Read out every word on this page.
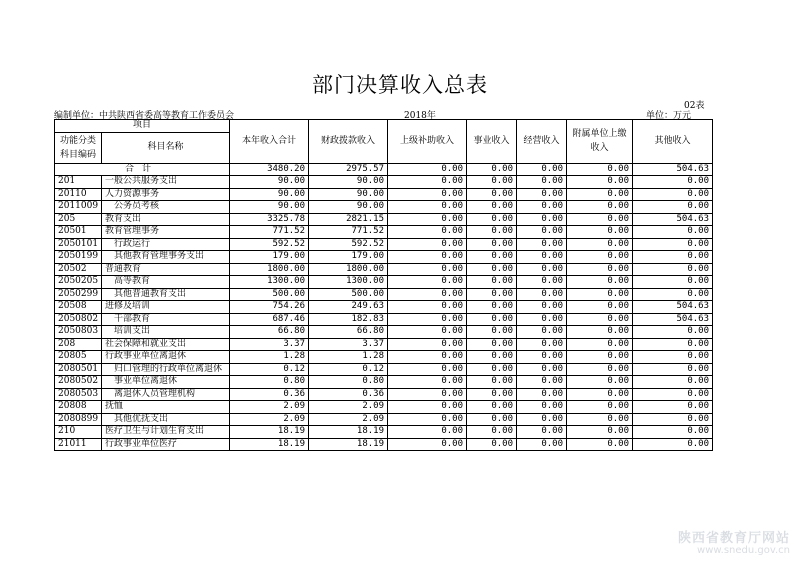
部门决算收入总表
02表
编制单位：中共陕西省委高等教育工作委员会	2018年	单位：万元
项目		本年收入合计	财政拨款收入	上级补助收入	事业收入	经营收入	附属单位上缴收入	其他收入
功能分类科目编码	科目名称							
合计		3480.20	2975.57	0.00	0.00	0.00	0.00	504.63
201	一般公共服务支出	90.00	90.00	0.00	0.00	0.00	0.00	0.00
20110	人力资源事务	90.00	90.00	0.00	0.00	0.00	0.00	0.00
2011009	公务员考核	90.00	90.00	0.00	0.00	0.00	0.00	0.00
205	教育支出	3325.78	2821.15	0.00	0.00	0.00	0.00	504.63
20501	教育管理事务	771.52	771.52	0.00	0.00	0.00	0.00	0.00
2050101	行政运行	592.52	592.52	0.00	0.00	0.00	0.00	0.00
2050199	其他教育管理事务支出	179.00	179.00	0.00	0.00	0.00	0.00	0.00
20502	普通教育	1800.00	1800.00	0.00	0.00	0.00	0.00	0.00
2050205	高等教育	1300.00	1300.00	0.00	0.00	0.00	0.00	0.00
2050299	其他普通教育支出	500.00	500.00	0.00	0.00	0.00	0.00	0.00
20508	进修及培训	754.26	249.63	0.00	0.00	0.00	0.00	504.63
2050802	干部教育	687.46	182.83	0.00	0.00	0.00	0.00	504.63
2050803	培训支出	66.80	66.80	0.00	0.00	0.00	0.00	0.00
208	社会保障和就业支出	3.37	3.37	0.00	0.00	0.00	0.00	0.00
20805	行政事业单位离退休	1.28	1.28	0.00	0.00	0.00	0.00	0.00
2080501	归口管理的行政单位离退休	0.12	0.12	0.00	0.00	0.00	0.00	0.00
2080502	事业单位离退休	0.80	0.80	0.00	0.00	0.00	0.00	0.00
2080503	离退休人员管理机构	0.36	0.36	0.00	0.00	0.00	0.00	0.00
20808	抚恤	2.09	2.09	0.00	0.00	0.00	0.00	0.00
2080899	其他优抚支出	2.09	2.09	0.00	0.00	0.00	0.00	0.00
210	医疗卫生与计划生育支出	18.19	18.19	0.00	0.00	0.00	0.00	0.00
21011	行政事业单位医疗	18.19	18.19	0.00	0.00	0.00	0.00	0.00
陕西省教育厅网站
www.snedu.gov.cn
